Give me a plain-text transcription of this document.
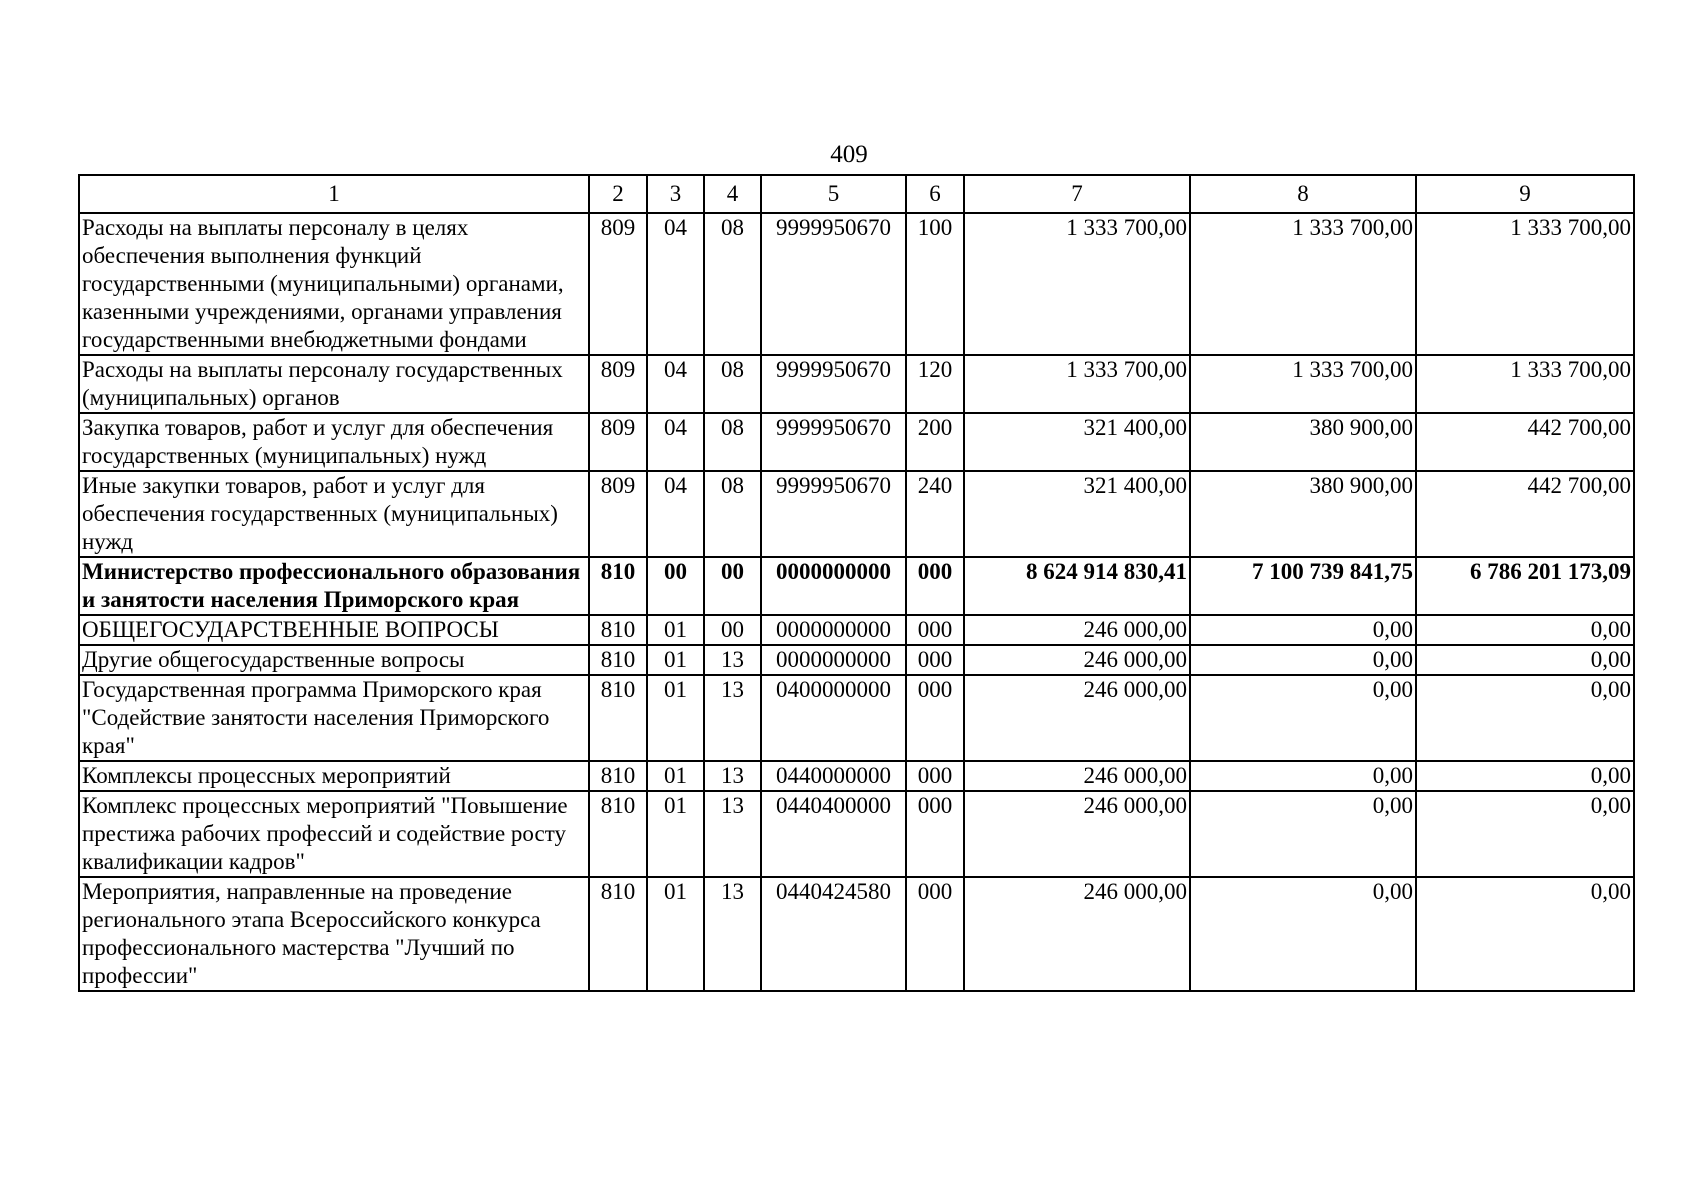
409
1	2	3	4	5	6	7	8	9
Расходы на выплаты персоналу в целях обеспечения выполнения функций государственными (муниципальными) органами, казенными учреждениями, органами управления государственными внебюджетными фондами	809	04	08	9999950670	100	1 333 700,00	1 333 700,00	1 333 700,00
Расходы на выплаты персоналу государственных (муниципальных) органов	809	04	08	9999950670	120	1 333 700,00	1 333 700,00	1 333 700,00
Закупка товаров, работ и услуг для обеспечения государственных (муниципальных) нужд	809	04	08	9999950670	200	321 400,00	380 900,00	442 700,00
Иные закупки товаров, работ и услуг для обеспечения государственных (муниципальных) нужд	809	04	08	9999950670	240	321 400,00	380 900,00	442 700,00
Министерство профессионального образования и занятости населения Приморского края	810	00	00	0000000000	000	8 624 914 830,41	7 100 739 841,75	6 786 201 173,09
ОБЩЕГОСУДАРСТВЕННЫЕ ВОПРОСЫ	810	01	00	0000000000	000	246 000,00	0,00	0,00
Другие общегосударственные вопросы	810	01	13	0000000000	000	246 000,00	0,00	0,00
Государственная программа Приморского края "Содействие занятости населения Приморского края"	810	01	13	0400000000	000	246 000,00	0,00	0,00
Комплексы процессных мероприятий	810	01	13	0440000000	000	246 000,00	0,00	0,00
Комплекс процессных мероприятий "Повышение престижа рабочих профессий и содействие росту квалификации кадров"	810	01	13	0440400000	000	246 000,00	0,00	0,00
Мероприятия, направленные на проведение регионального этапа Всероссийского конкурса профессионального мастерства "Лучший по профессии"	810	01	13	0440424580	000	246 000,00	0,00	0,00
